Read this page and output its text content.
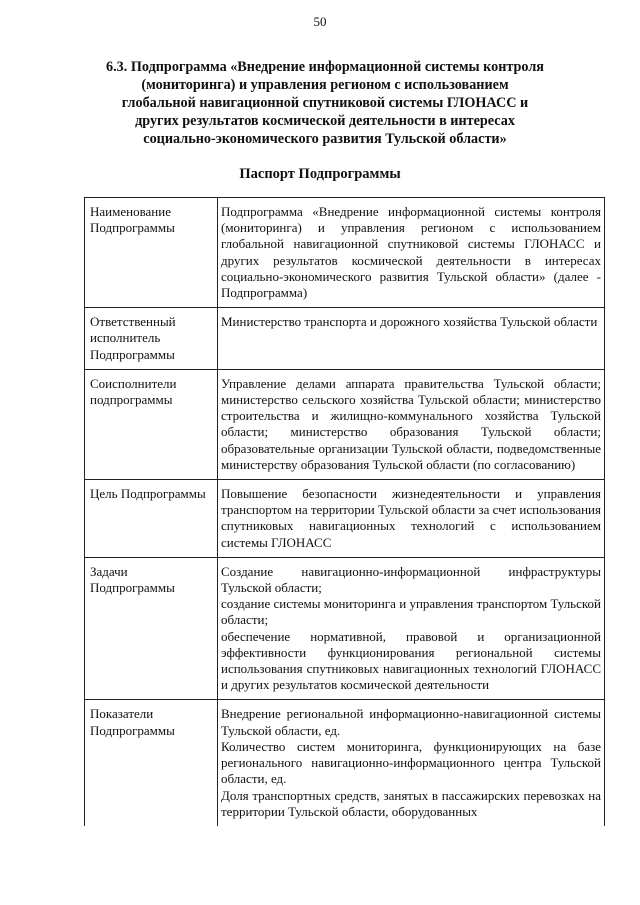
50
6.3. Подпрограмма «Внедрение информационной системы контроля
(мониторинга) и управления регионом с использованием
глобальной навигационной спутниковой системы ГЛОНАСС и
других результатов космической деятельности в интересах
социально-экономического развития Тульской области»
Паспорт Подпрограммы
Наименование Подпрограммы	Подпрограмма «Внедрение информационной системы контроля (мониторинга) и управления регионом с использованием глобальной навигационной спутниковой системы ГЛОНАСС и других результатов космической деятельности в интересах социально-экономического развития Тульской области» (далее - Подпрограмма)
Ответственный исполнитель Подпрограммы	Министерство транспорта и дорожного хозяйства Тульской области
Соисполнители подпрограммы	Управление делами аппарата правительства Тульской области; министерство сельского хозяйства Тульской области; министерство строительства и жилищно-коммунального хозяйства Тульской области; министерство образования Тульской области; образовательные организации Тульской области, подведомственные министерству образования Тульской области (по согласованию)
Цель Подпрограммы	Повышение безопасности жизнедеятельности и управления транспортом на территории Тульской области за счет использования спутниковых навигационных технологий с использованием системы ГЛОНАСС
Задачи Подпрограммы	Создание навигационно-информационной инфраструктуры Тульской области;
создание системы мониторинга и управления транспортом Тульской области;
обеспечение нормативной, правовой и организационной эффективности функционирования региональной системы использования спутниковых навигационных технологий ГЛОНАСС и других результатов космической деятельности

Показатели Подпрограммы	Внедрение региональной информационно-навигационной системы Тульской области, ед.
Количество систем мониторинга, функционирующих на базе регионального навигационно-информационного центра Тульской области, ед.
Доля транспортных средств, занятых в пассажирских перевозках на территории Тульской области, оборудованных
